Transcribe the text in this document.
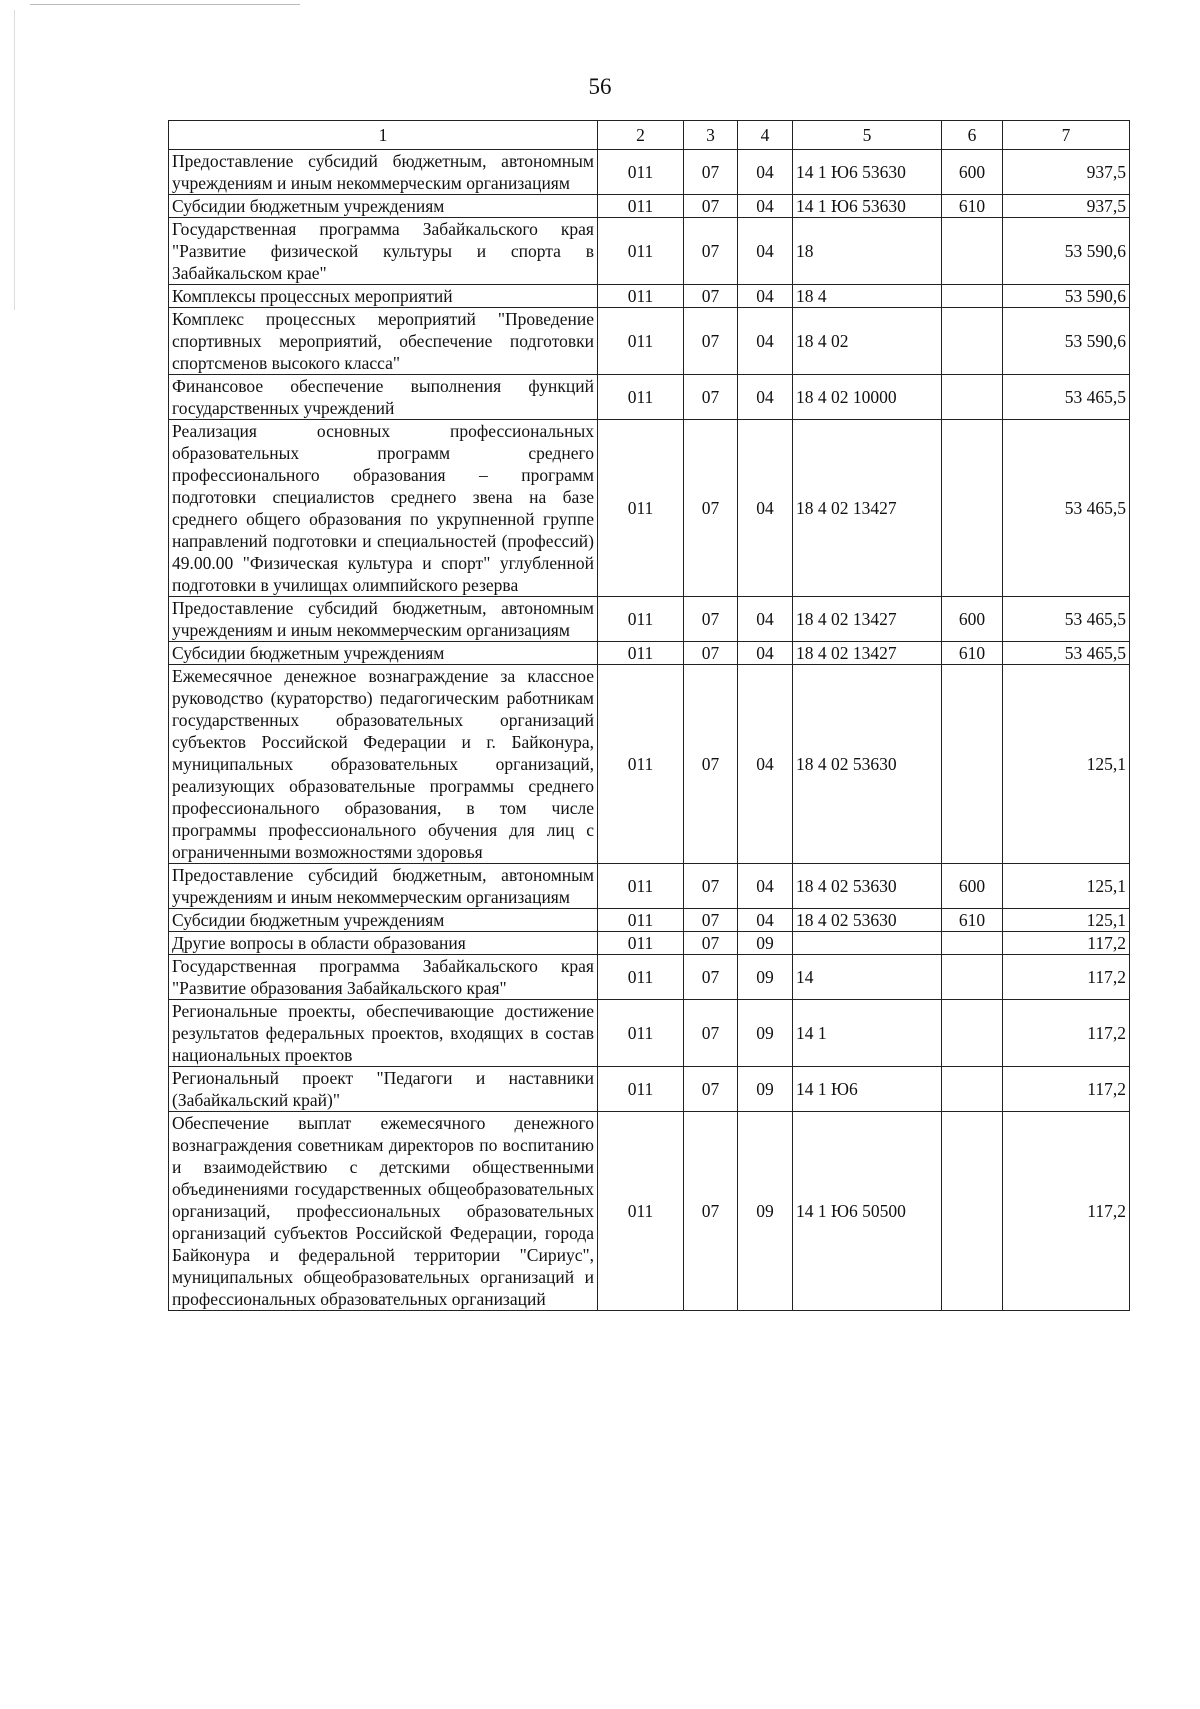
56
1	2	3	4	5	6	7
Предоставление субсидий бюджетным, автономным учреждениям и иным некоммерческим организациям	011	07	04	14 1 Ю6 53630	600	937,5
Субсидии бюджетным учреждениям	011	07	04	14 1 Ю6 53630	610	937,5
Государственная программа Забайкальского края "Развитие физической культуры и спорта в Забайкальском крае"	011	07	04	18		53 590,6
Комплексы процессных мероприятий	011	07	04	18 4		53 590,6
Комплекс процессных мероприятий "Проведение спортивных мероприятий, обеспечение подготовки спортсменов высокого класса"	011	07	04	18 4 02		53 590,6
Финансовое обеспечение выполнения функций государственных учреждений	011	07	04	18 4 02 10000		53 465,5
Реализация основных профессиональных образовательных программ среднего профессионального образования – программ подготовки специалистов среднего звена на базе среднего общего образования по укрупненной группе направлений подготовки и специальностей (профессий) 49.00.00 "Физическая культура и спорт" углубленной подготовки в училищах олимпийского резерва	011	07	04	18 4 02 13427		53 465,5
Предоставление субсидий бюджетным, автономным учреждениям и иным некоммерческим организациям	011	07	04	18 4 02 13427	600	53 465,5
Субсидии бюджетным учреждениям	011	07	04	18 4 02 13427	610	53 465,5
Ежемесячное денежное вознаграждение за классное руководство (кураторство) педагогическим работникам государственных образовательных организаций субъектов Российской Федерации и г. Байконура, муниципальных образовательных организаций, реализующих образовательные программы среднего профессионального образования, в том числе программы профессионального обучения для лиц с ограниченными возможностями здоровья	011	07	04	18 4 02 53630		125,1
Предоставление субсидий бюджетным, автономным учреждениям и иным некоммерческим организациям	011	07	04	18 4 02 53630	600	125,1
Субсидии бюджетным учреждениям	011	07	04	18 4 02 53630	610	125,1
Другие вопросы в области образования	011	07	09			117,2
Государственная программа Забайкальского края "Развитие образования Забайкальского края"	011	07	09	14		117,2
Региональные проекты, обеспечивающие достижение результатов федеральных проектов, входящих в состав национальных проектов	011	07	09	14 1		117,2
Региональный проект "Педагоги и наставники (Забайкальский край)"	011	07	09	14 1 Ю6		117,2
Обеспечение выплат ежемесячного денежного вознаграждения советникам директоров по воспитанию и взаимодействию с детскими общественными объединениями государственных общеобразовательных организаций, профессиональных образовательных организаций субъектов Российской Федерации, города Байконура и федеральной территории "Сириус", муниципальных общеобразовательных организаций и профессиональных образовательных организаций	011	07	09	14 1 Ю6 50500		117,2
